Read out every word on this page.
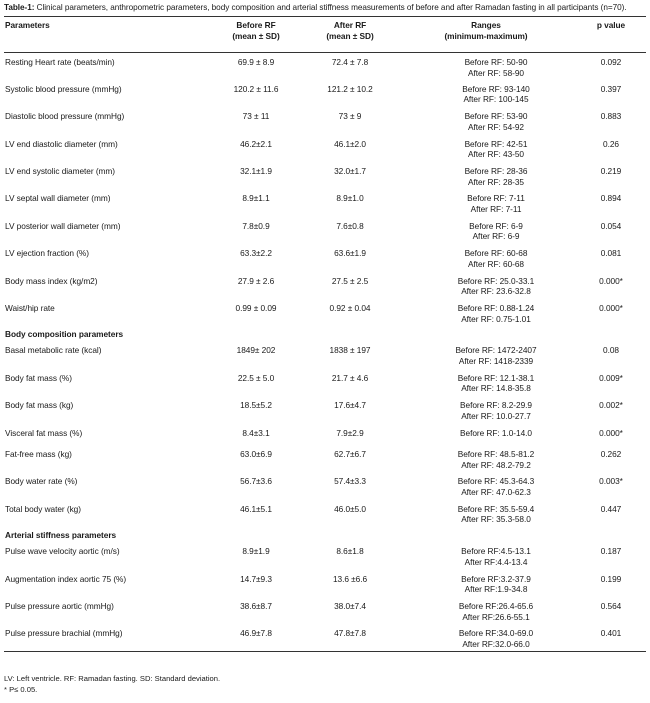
Table-1: Clinical parameters, anthropometric parameters, body composition and arterial stiffness measurements of before and after Ramadan fasting in all participants (n=70).
Parameters	Before RF
(mean ± SD)	After RF
(mean ± SD)	Ranges
(minimum-maximum)	p value
Resting Heart rate (beats/min)	69.9 ± 8.9	72.4 ± 7.8	Before RF: 50-90
After RF: 58-90	0.092
Systolic blood pressure (mmHg)	120.2 ± 11.6	121.2 ± 10.2	Before RF: 93-140
After RF: 100-145	0.397
Diastolic blood pressure (mmHg)	73 ± 11	73 ± 9	Before RF: 53-90
After RF: 54-92	0.883
LV end diastolic diameter (mm)	46.2±2.1	46.1±2.0	Before RF: 42-51
After RF: 43-50	0.26
LV end systolic diameter (mm)	32.1±1.9	32.0±1.7	Before RF: 28-36
After RF: 28-35	0.219
LV septal wall diameter (mm)	8.9±1.1	8.9±1.0	Before RF: 7-11
After RF: 7-11	0.894
LV posterior wall diameter (mm)	7.8±0.9	7.6±0.8	Before RF: 6-9
After RF: 6-9	0.054
LV ejection fraction (%)	63.3±2.2	63.6±1.9	Before RF: 60-68
After RF: 60-68	0.081
Body mass index (kg/m2)	27.9 ± 2.6	27.5 ± 2.5	Before RF: 25.0-33.1
After RF: 23.6-32.8	0.000*
Waist/hip rate	0.99 ± 0.09	0.92 ± 0.04	Before RF: 0.88-1.24
After RF: 0.75-1.01	0.000*
Body composition parameters				
Basal metabolic rate (kcal)	1849± 202	1838 ± 197	Before RF: 1472-2407
After RF: 1418-2339	0.08
Body fat mass (%)	22.5 ± 5.0	21.7 ± 4.6	Before RF: 12.1-38.1
After RF: 14.8-35.8	0.009*
Body fat mass (kg)	18.5±5.2	17.6±4.7	Before RF: 8.2-29.9
After RF: 10.0-27.7	0.002*
Visceral fat mass (%)	8.4±3.1	7.9±2.9	Before RF: 1.0-14.0	0.000*
Fat-free mass (kg)	63.0±6.9	62.7±6.7	Before RF: 48.5-81.2
After RF: 48.2-79.2	0.262
Body water rate (%)	56.7±3.6	57.4±3.3	Before RF: 45.3-64.3
After RF: 47.0-62.3	0.003*
Total body water (kg)	46.1±5.1	46.0±5.0	Before RF: 35.5-59.4
After RF: 35.3-58.0	0.447
Arterial stiffness parameters				
Pulse wave velocity aortic (m/s)	8.9±1.9	8.6±1.8	Before RF:4.5-13.1
After RF:4.4-13.4	0.187
Augmentation index aortic 75 (%)	14.7±9.3	13.6 ±6.6	Before RF:3.2-37.9
After RF:1.9-34.8	0.199
Pulse pressure aortic (mmHg)	38.6±8.7	38.0±7.4	Before RF:26.4-65.6
After RF:26.6-55.1	0.564
Pulse pressure brachial (mmHg)	46.9±7.8	47.8±7.8	Before RF:34.0-69.0
After RF:32.0-66.0	0.401
LV: Left ventricle. RF: Ramadan fasting. SD: Standard deviation.
* P≤ 0.05.
